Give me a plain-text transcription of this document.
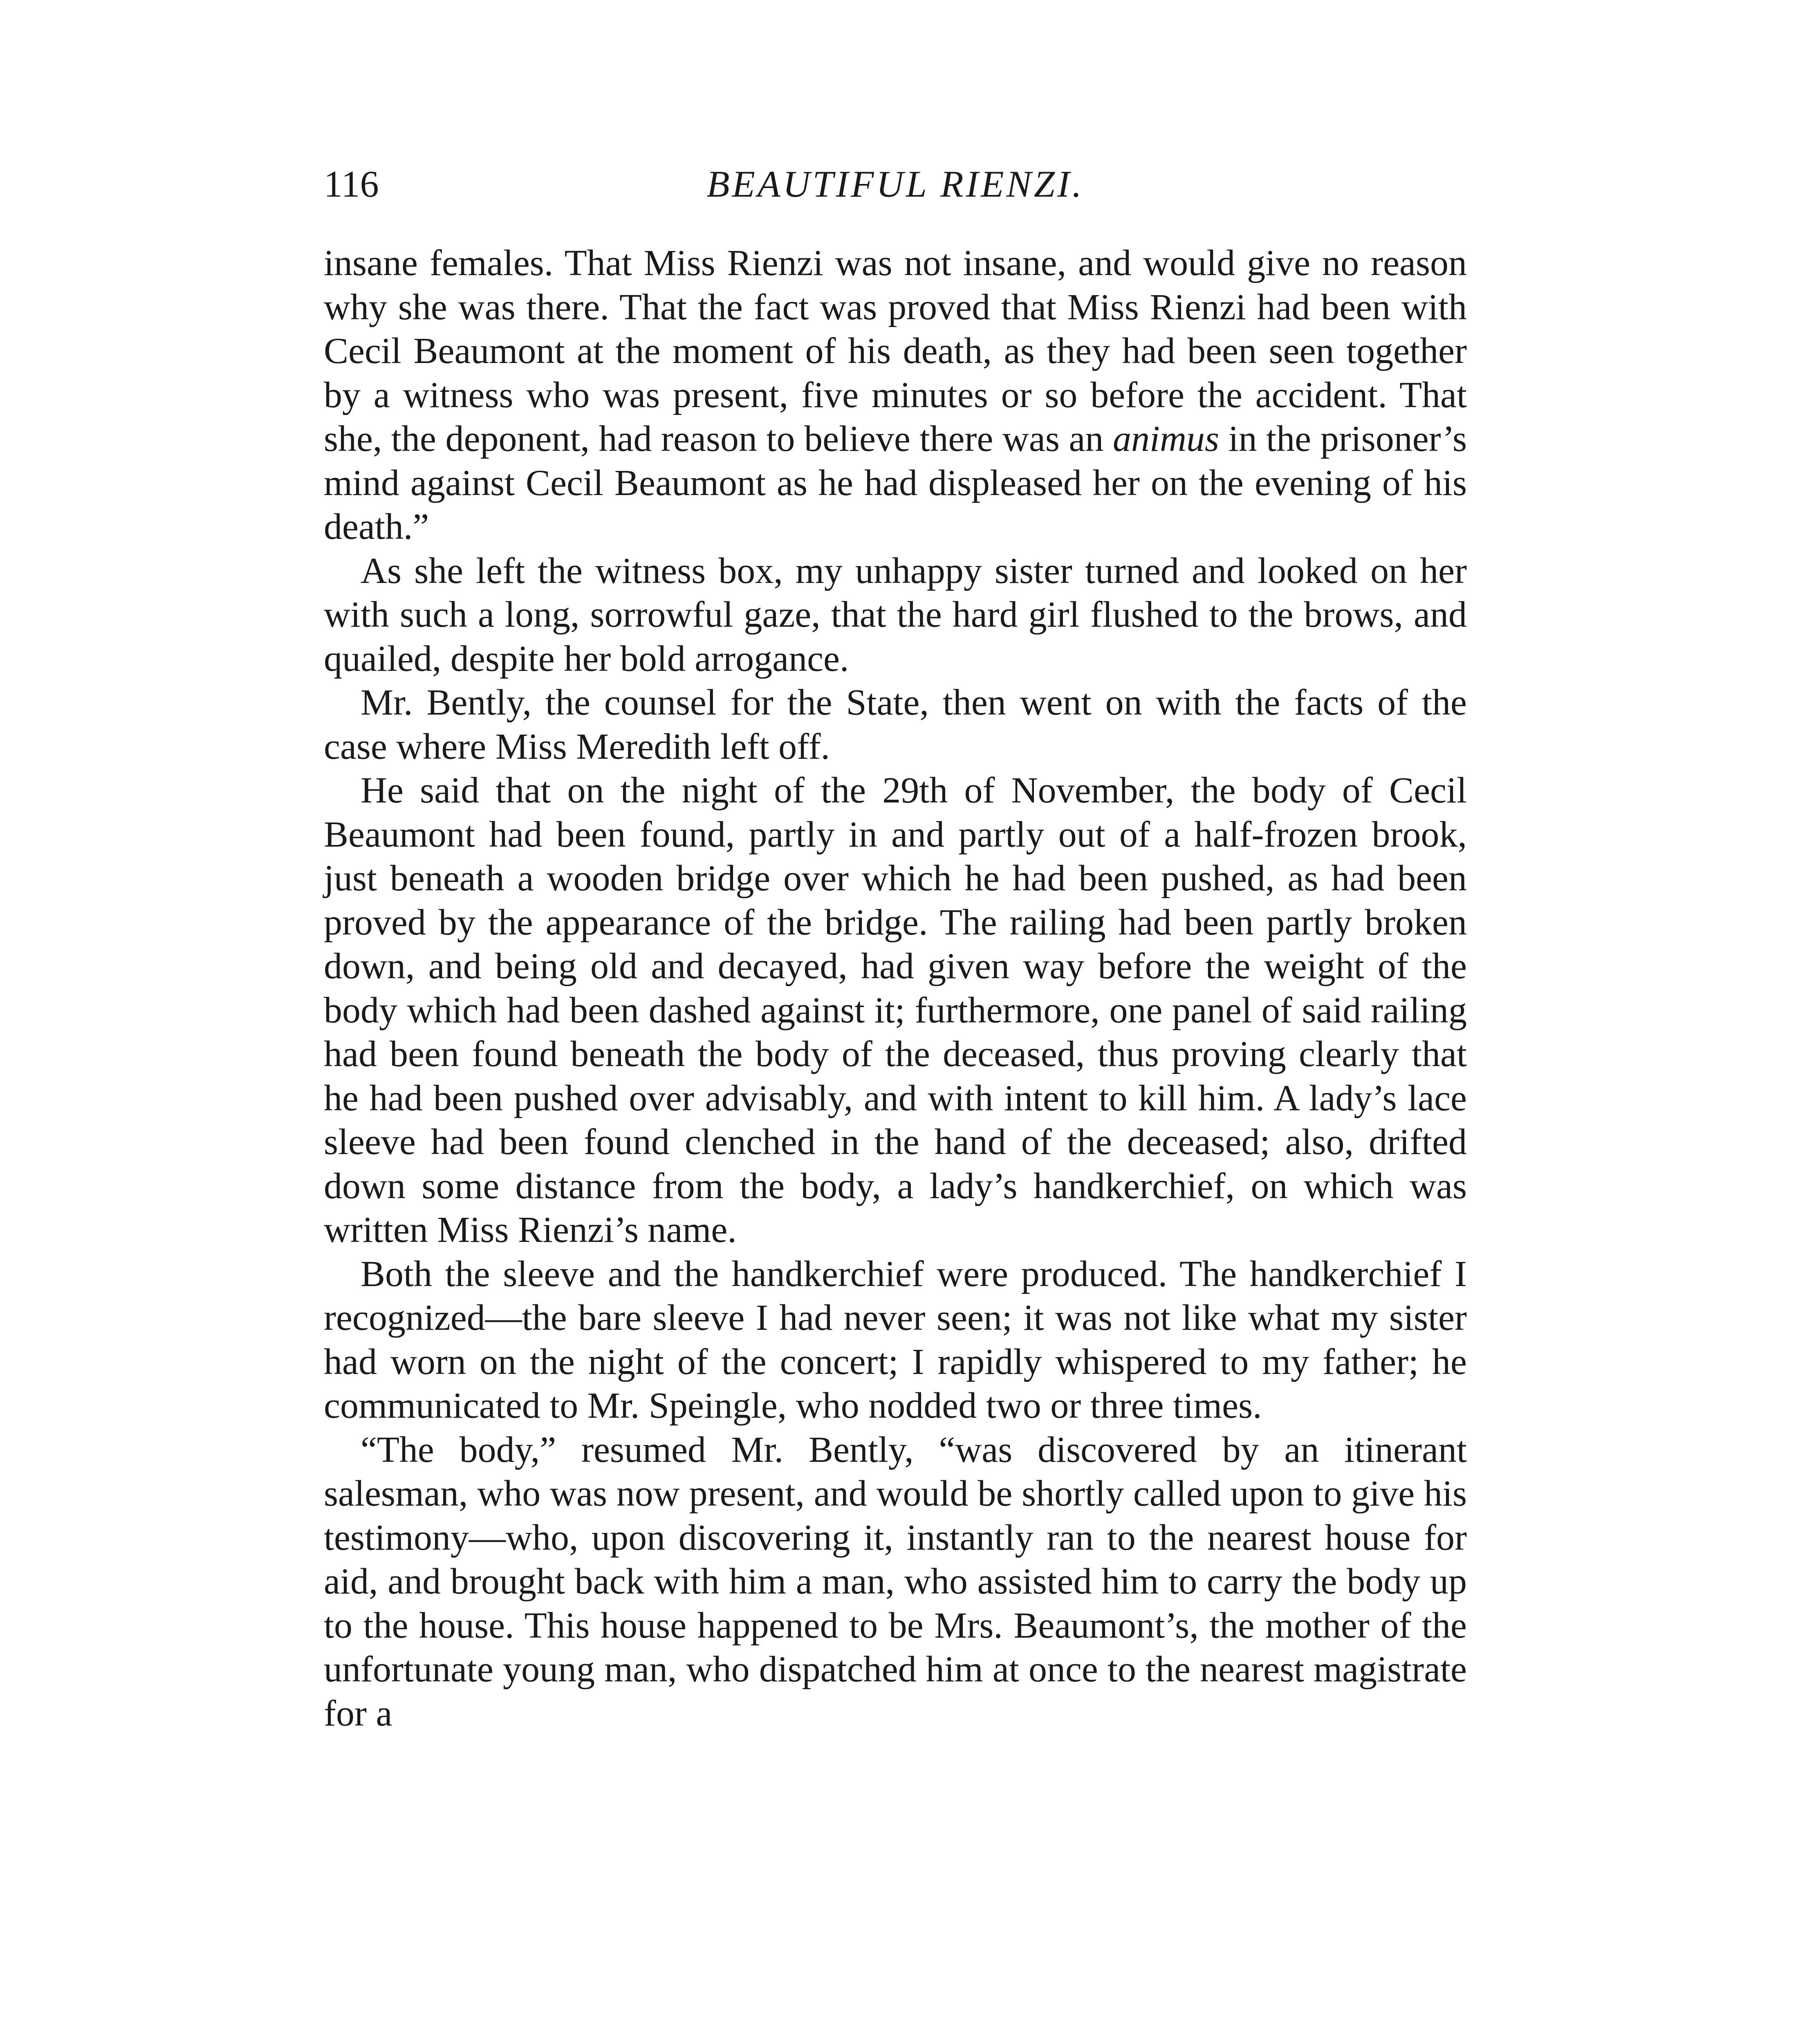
116	BEAUTIFUL RIENZI.

insane females. That Miss Rienzi was not insane, and would give no reason why she was there. That the fact was proved that Miss Rienzi had been with Cecil Beaumont at the moment of his death, as they had been seen together by a witness who was present, five minutes or so before the accident. That she, the deponent, had reason to believe there was an animus in the prisoner’s mind against Cecil Beaumont as he had displeased her on the evening of his death.”

As she left the witness box, my unhappy sister turned and looked on her with such a long, sorrowful gaze, that the hard girl flushed to the brows, and quailed, despite her bold arrogance.

Mr. Bently, the counsel for the State, then went on with the facts of the case where Miss Meredith left off.

He said that on the night of the 29th of November, the body of Cecil Beaumont had been found, partly in and partly out of a half-frozen brook, just beneath a wooden bridge over which he had been pushed, as had been proved by the appearance of the bridge. The railing had been partly broken down, and being old and decayed, had given way before the weight of the body which had been dashed against it; furthermore, one panel of said railing had been found beneath the body of the deceased, thus proving clearly that he had been pushed over advisably, and with intent to kill him. A lady’s lace sleeve had been found clenched in the hand of the deceased; also, drifted down some distance from the body, a lady’s handkerchief, on which was written Miss Rienzi’s name.

Both the sleeve and the handkerchief were produced. The handkerchief I recognized—the bare sleeve I had never seen; it was not like what my sister had worn on the night of the concert; I rapidly whispered to my father; he communicated to Mr. Speingle, who nodded two or three times.

“The body,” resumed Mr. Bently, “was discovered by an itinerant salesman, who was now present, and would be shortly called upon to give his testimony—who, upon discovering it, instantly ran to the nearest house for aid, and brought back with him a man, who assisted him to carry the body up to the house. This house happened to be Mrs. Beaumont’s, the mother of the unfortunate young man, who dispatched him at once to the nearest magistrate for a
